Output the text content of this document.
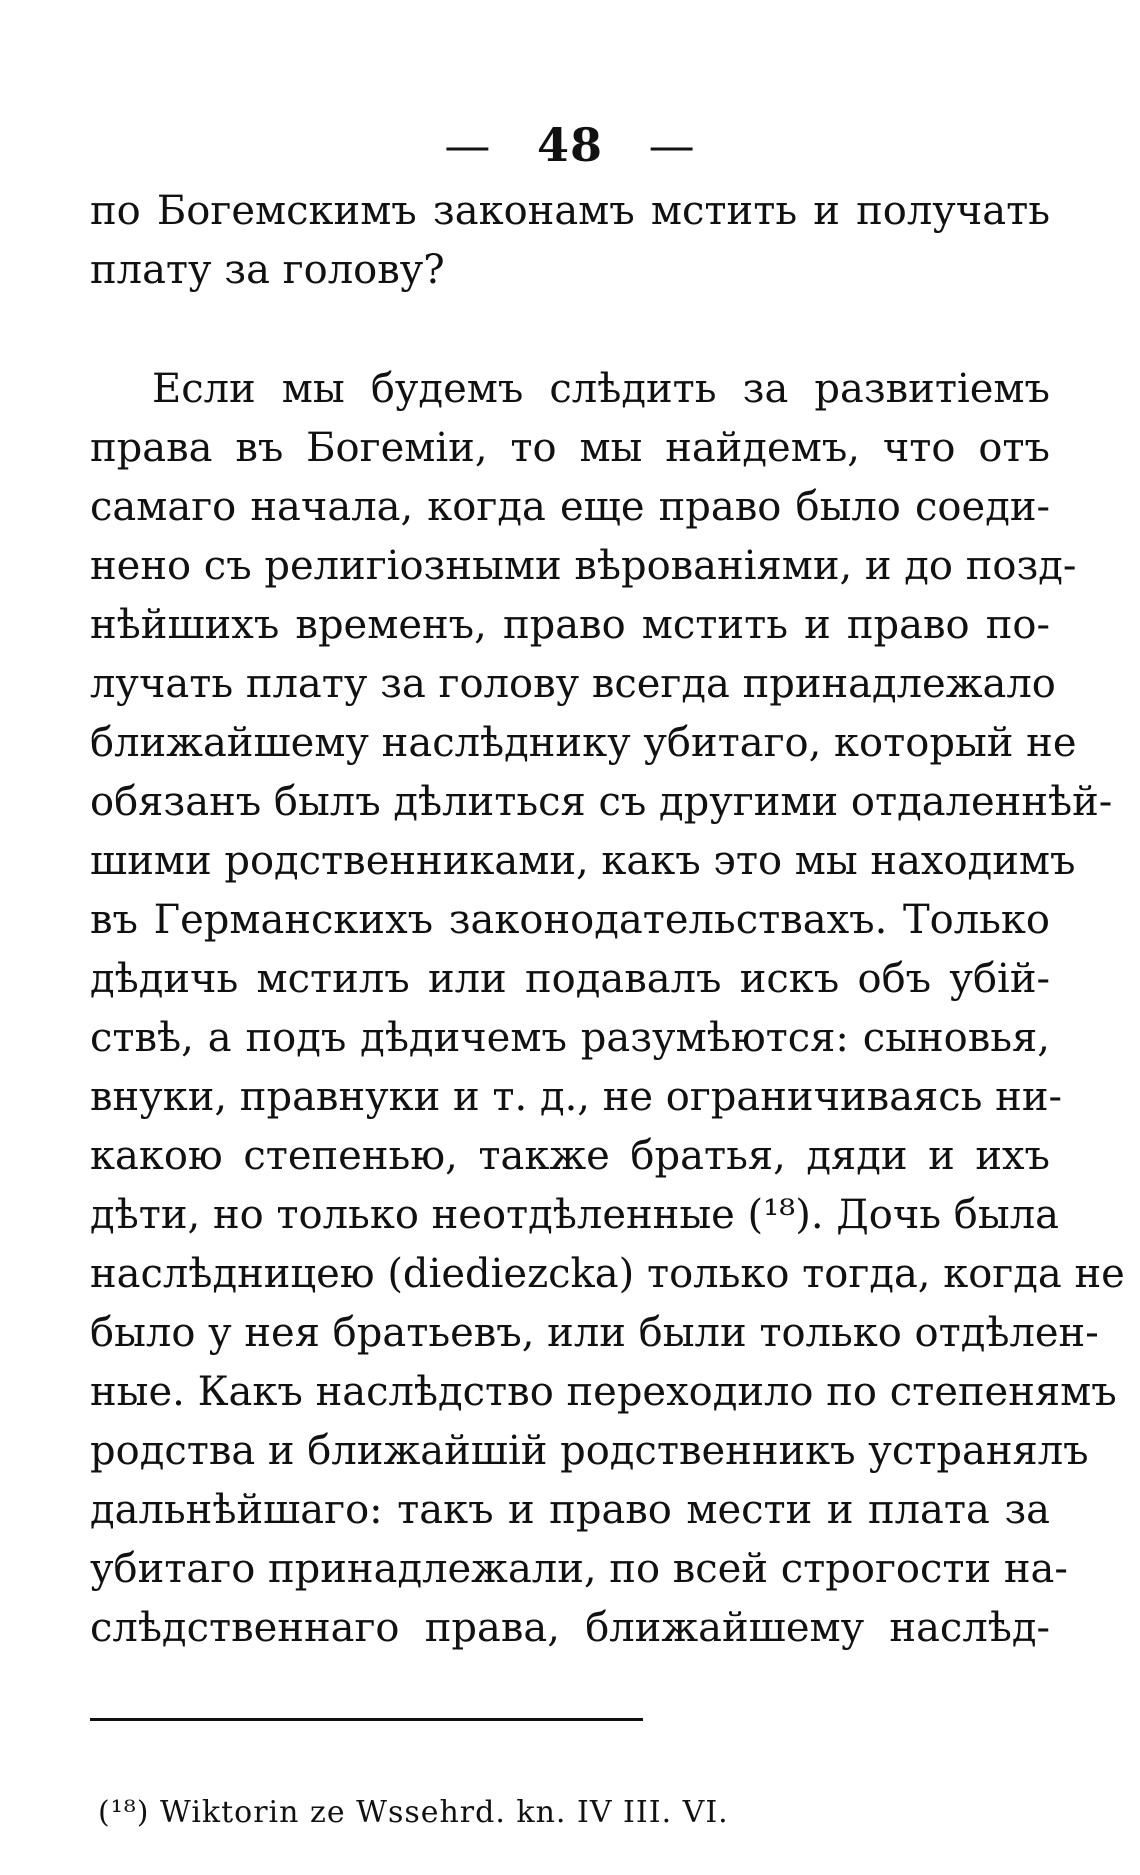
— 48 —
по Богемскимъ законамъ мстить и получать
плату за голову?
Если мы будемъ слѣдить за развитіемъ
права въ Богеміи, то мы найдемъ, что отъ
самаго начала, когда еще право было соеди-
нено съ религіозными вѣрованіями, и до позд-
нѣйшихъ временъ, право мстить и право по-
лучать плату за голову всегда принадлежало
ближайшему наслѣднику убитаго, который не
обязанъ былъ дѣлиться съ другими отдаленнѣй-
шими родственниками, какъ это мы находимъ
въ Германскихъ законодательствахъ. Только
дѣдичь мстилъ или подавалъ искъ объ убій-
ствѣ, а подъ дѣдичемъ разумѣются: сыновья,
внуки, правнуки и т. д., не ограничиваясь ни-
какою степенью, также братья, дяди и ихъ
дѣти, но только неотдѣленные (¹⁸). Дочь была
наслѣдницею (diediezcka) только тогда, когда не
было у нея братьевъ, или были только отдѣлен-
ные. Какъ наслѣдство переходило по степенямъ
родства и ближайшій родственникъ устранялъ
дальнѣйшаго: такъ и право мести и плата за
убитаго принадлежали, по всей строгости на-
слѣдственнаго права, ближайшему наслѣд-
(¹⁸) Wiktorin ze Wssehrd. kn. IV III. VI.
